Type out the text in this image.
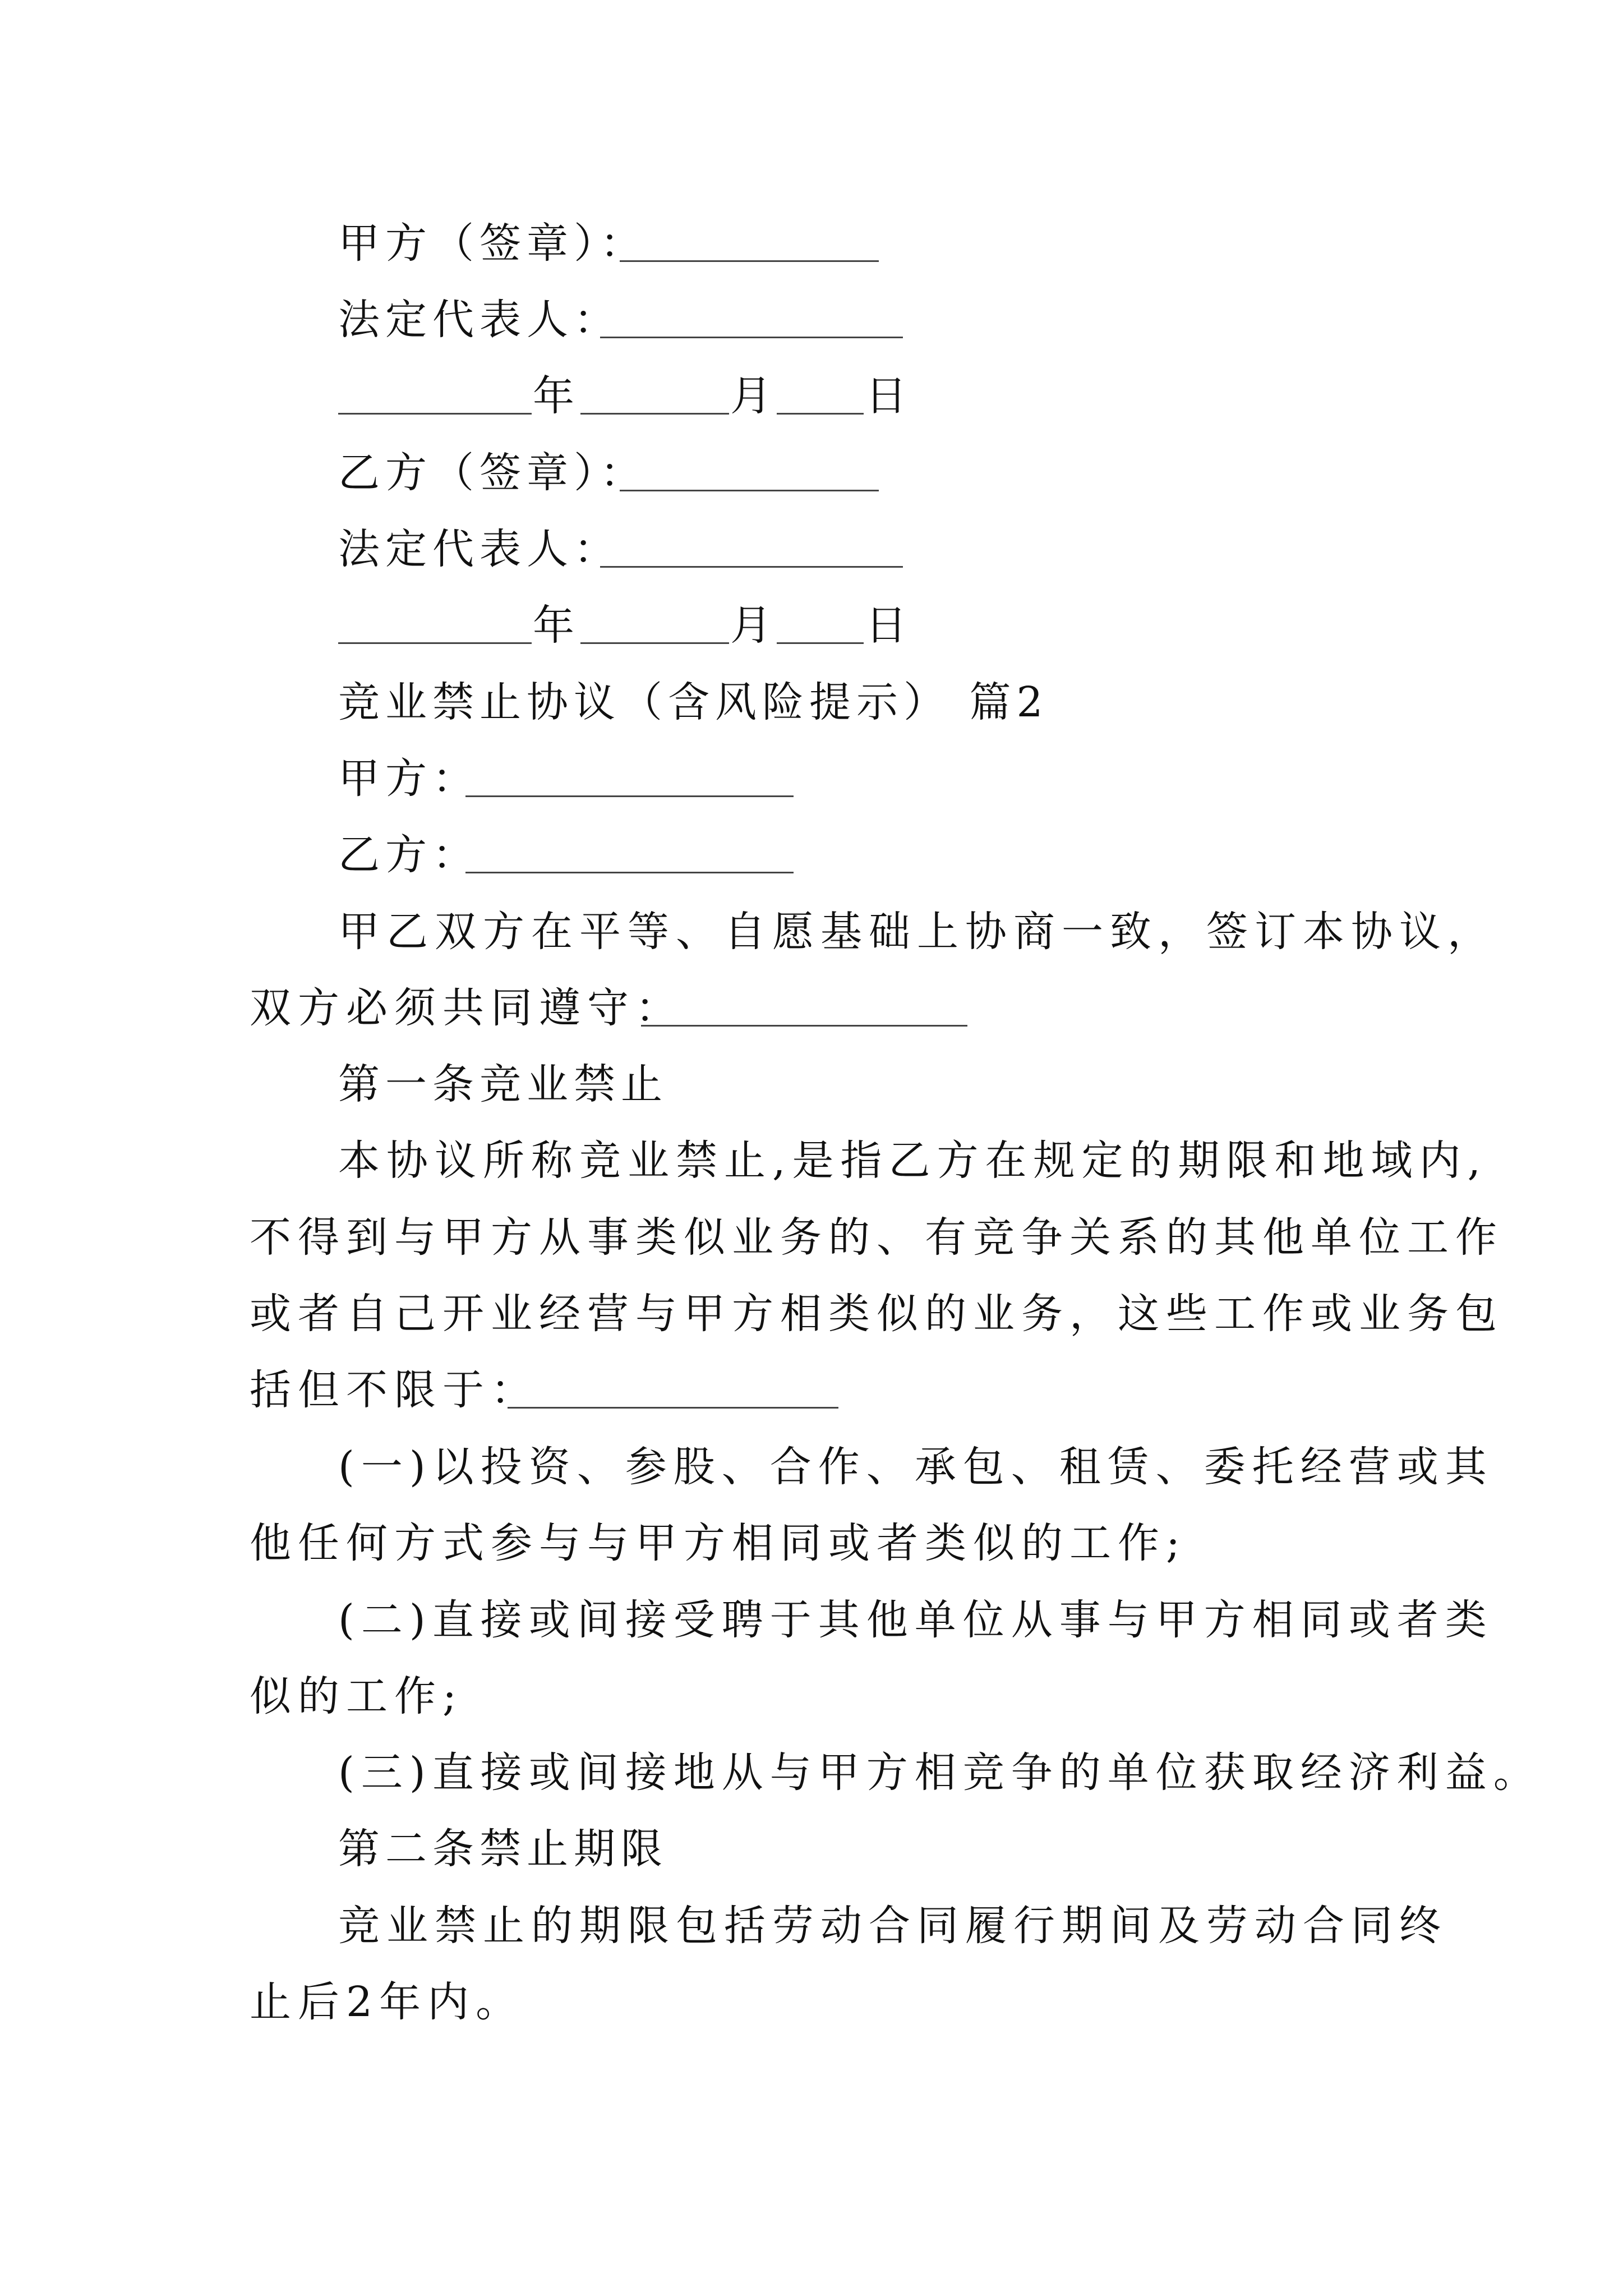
甲方（签章）：
法定代表人：
年	月 日
乙方（签章）：
法定代表人：
年	月 日
竞业禁止协议（含风险提示） 篇2
甲方：
乙方：
甲乙双方在平等、自愿基础上协商一致，签订本协议，
双方必须共同遵守：
第一条竞业禁止
本协议所称竞业禁止,是指乙方在规定的期限和地域内,
不得到与甲方从事类似业务的、有竞争关系的其他单位工作
或者自己开业经营与甲方相类似的业务，这些工作或业务包
括但不限于：
(一)以投资、参股、合作、承包、租赁、委托经营或其
他任何方式参与与甲方相同或者类似的工作;
(二)直接或间接受聘于其他单位从事与甲方相同或者类
似的工作;
(三)直接或间接地从与甲方相竞争的单位获取经济利益。
第二条禁止期限
竞业禁止的期限包括劳动合同履行期间及劳动合同终
止后2年内。
